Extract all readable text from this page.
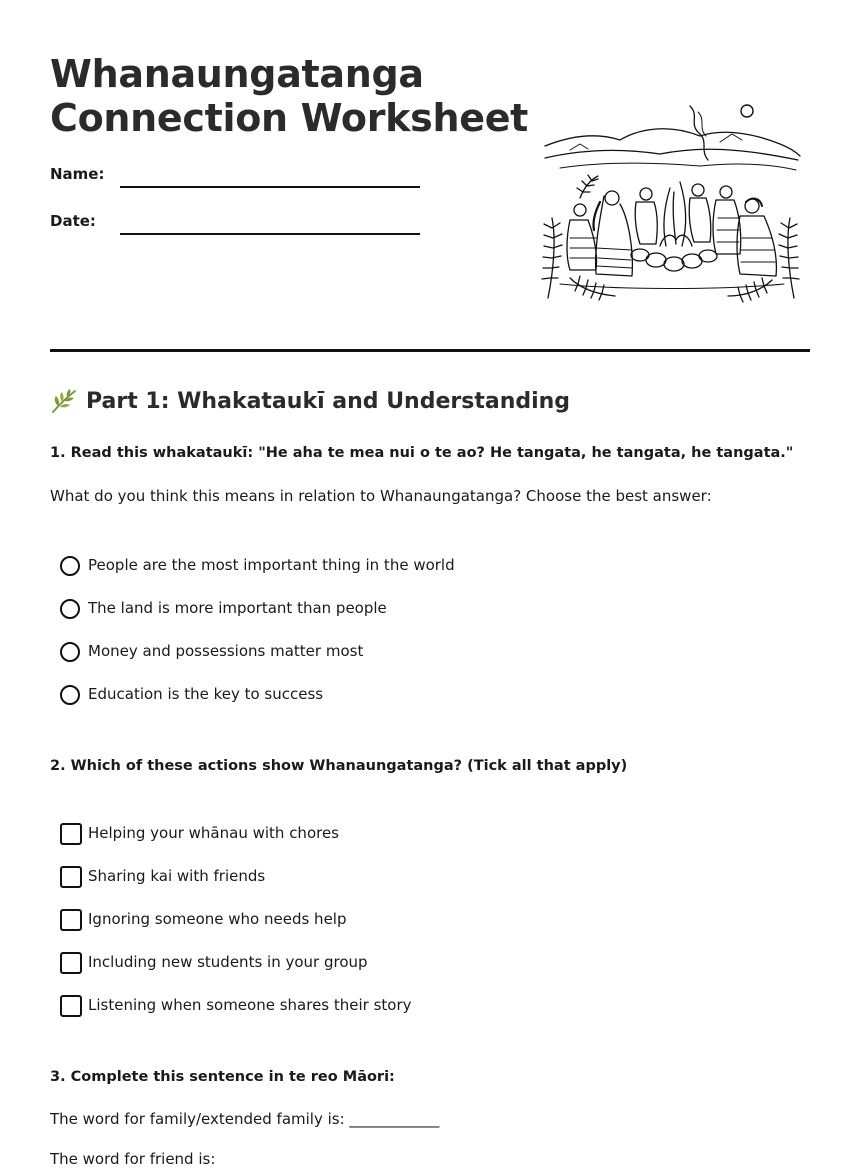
Whanaungatanga
Connection Worksheet
Name:
Date:
Part 1: Whakataukī and Understanding
1. Read this whakataukī: "He aha te mea nui o te ao? He tangata, he tangata, he tangata."
What do you think this means in relation to Whanaungatanga? Choose the best answer:
People are the most important thing in the world
The land is more important than people
Money and possessions matter most
Education is the key to success
2. Which of these actions show Whanaungatanga? (Tick all that apply)
Helping your whānau with chores
Sharing kai with friends
Ignoring someone who needs help
Including new students in your group
Listening when someone shares their story
3. Complete this sentence in te reo Māori:
The word for family/extended family is: ____________
The word for friend is:
